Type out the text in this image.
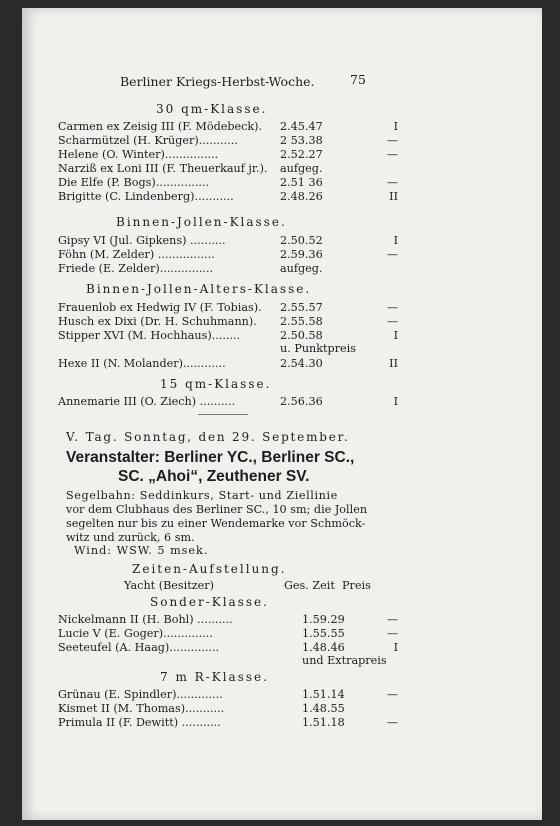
Berliner Kriegs-Herbst-Woche.	75
30 qm-Klasse.
Carmen ex Zeisig III (F. Mödebeck). 2.45.47	I
Scharmützel (H. Krüger)...........	2 53.38	—
Helene (O. Winter)...............	2.52.27	—
Narziß ex Loni III (F. Theuerkauf jr.). aufgeg.
Die Elfe (P. Bogs)...............	2.51 36	—
Brigitte (C. Lindenberg)...........	2.48.26	II
Binnen-Jollen-Klasse.
Gipsy VI (Jul. Gipkens) ..........	2.50.52	I
Föhn (M. Zelder) ................	2.59.36	—
Friede (E. Zelder)...............	aufgeg.
Binnen-Jollen-Alters-Klasse.
Frauenlob ex Hedwig IV (F. Tobias). 2.55.57	—
Husch ex Dixi (Dr. H. Schuhmann). 2.55.58	—
Stipper XVI (M. Hochhaus)........	2.50.58	I
u. Punktpreis
Hexe II (N. Molander)............	2.54.30	II
15 qm-Klasse.
Annemarie III (O. Ziech) ..........	2.56.36	I
V. Tag. Sonntag, den 29. September.
Veranstalter: Berliner YC., Berliner SC.,
SC. „Ahoi“, Zeuthener SV.
Segelbahn: Seddinkurs, Start- und Ziellinie
vor dem Clubhaus des Berliner SC., 10 sm; die Jollen
segelten nur bis zu einer Wendemarke vor Schmöck-
witz und zurück, 6 sm.
Wind: WSW. 5 msek.
Zeiten-Aufstellung.
Yacht (Besitzer)	Ges. Zeit Preis
Sonder-Klasse.
Nickelmann II (H. Bohl) ..........	1.59.29	—
Lucie V (E. Goger)..............	1.55.55	—
Seeteufel (A. Haag)..............	1.48.46	I
und Extrapreis
7 m R-Klasse.
Grünau (E. Spindler).............	1.51.14	—
Kismet II (M. Thomas)...........	1.48.55
Primula II (F. Dewitt) ...........	1.51.18	—
